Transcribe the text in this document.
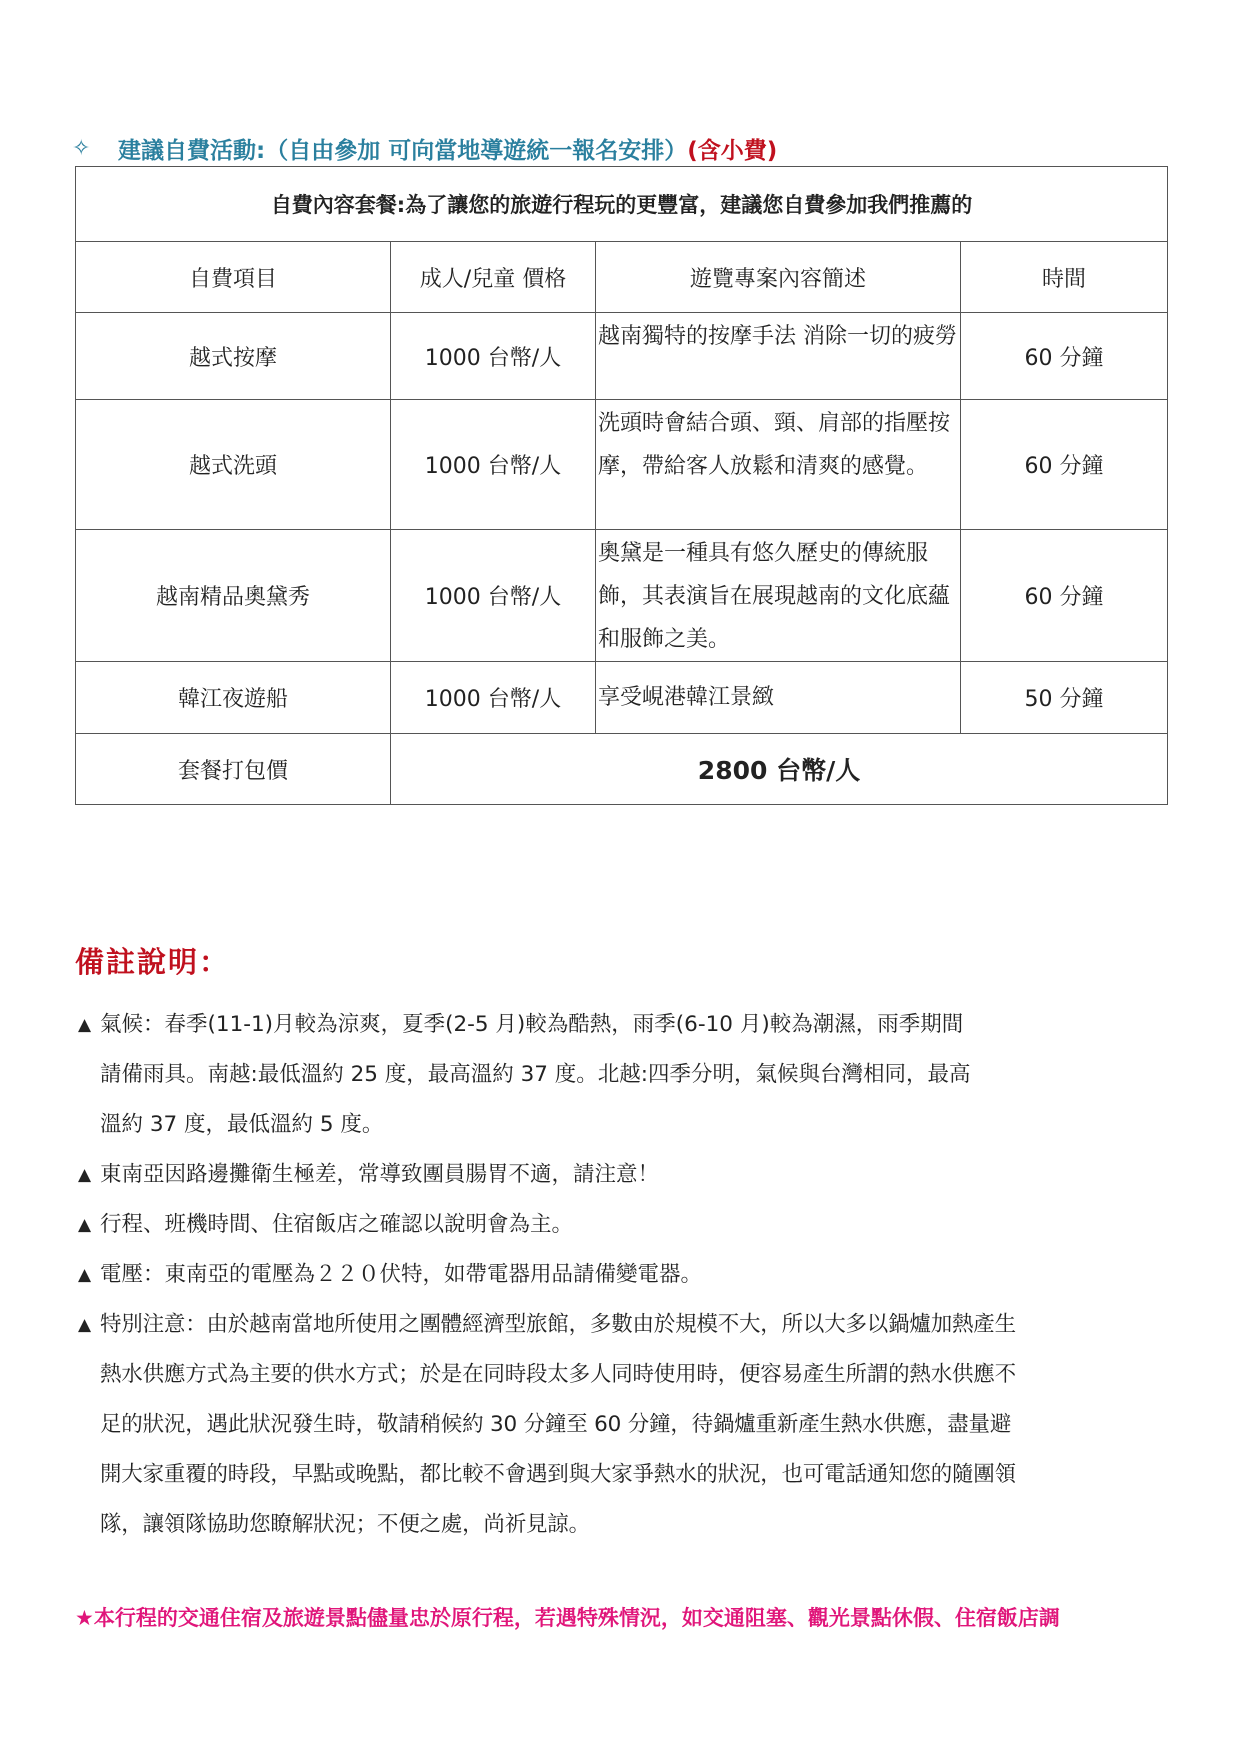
✧	建議自費活動:（自由參加 可向當地導遊統一報名安排） (含小費)
自費內容套餐:為了讓您的旅遊行程玩的更豐富，建議您自費參加我們推薦的			
自費項目	成人/兒童 價格	遊覽專案內容簡述	時間
越式按摩	1000 台幣/人	越南獨特的按摩手法 消除一切的疲勞	60 分鐘
越式洗頭	1000 台幣/人	洗頭時會結合頭、頸、肩部的指壓按摩，帶給客人放鬆和清爽的感覺。	60 分鐘
越南精品奧黛秀	1000 台幣/人	奧黛是一種具有悠久歷史的傳統服飾，其表演旨在展現越南的文化底蘊和服飾之美。	60 分鐘
韓江夜遊船	1000 台幣/人	享受峴港韓江景緻	50 分鐘
套餐打包價	2800 台幣/人		
備註說明：
▲ 氣候：春季(11-1)月較為涼爽，夏季(2-5 月)較為酷熱，雨季(6-10 月)較為潮濕，雨季期間
請備雨具。南越:最低溫約 25 度，最高溫約 37 度。北越:四季分明，氣候與台灣相同，最高
溫約 37 度，最低溫約 5 度。
▲ 東南亞因路邊攤衛生極差，常導致團員腸胃不適，請注意！
▲ 行程、班機時間、住宿飯店之確認以說明會為主。
▲ 電壓：東南亞的電壓為２２０伏特，如帶電器用品請備變電器。
▲ 特別注意：由於越南當地所使用之團體經濟型旅館，多數由於規模不大，所以大多以鍋爐加熱產生
熱水供應方式為主要的供水方式；於是在同時段太多人同時使用時，便容易產生所謂的熱水供應不
足的狀況，遇此狀況發生時，敬請稍候約 30 分鐘至 60 分鐘，待鍋爐重新產生熱水供應，盡量避
開大家重覆的時段，早點或晚點，都比較不會遇到與大家爭熱水的狀況，也可電話通知您的隨團領
隊，讓領隊協助您瞭解狀況；不便之處，尚祈見諒。
★本行程的交通住宿及旅遊景點儘量忠於原行程，若遇特殊情況，如交通阻塞、觀光景點休假、住宿飯店調
